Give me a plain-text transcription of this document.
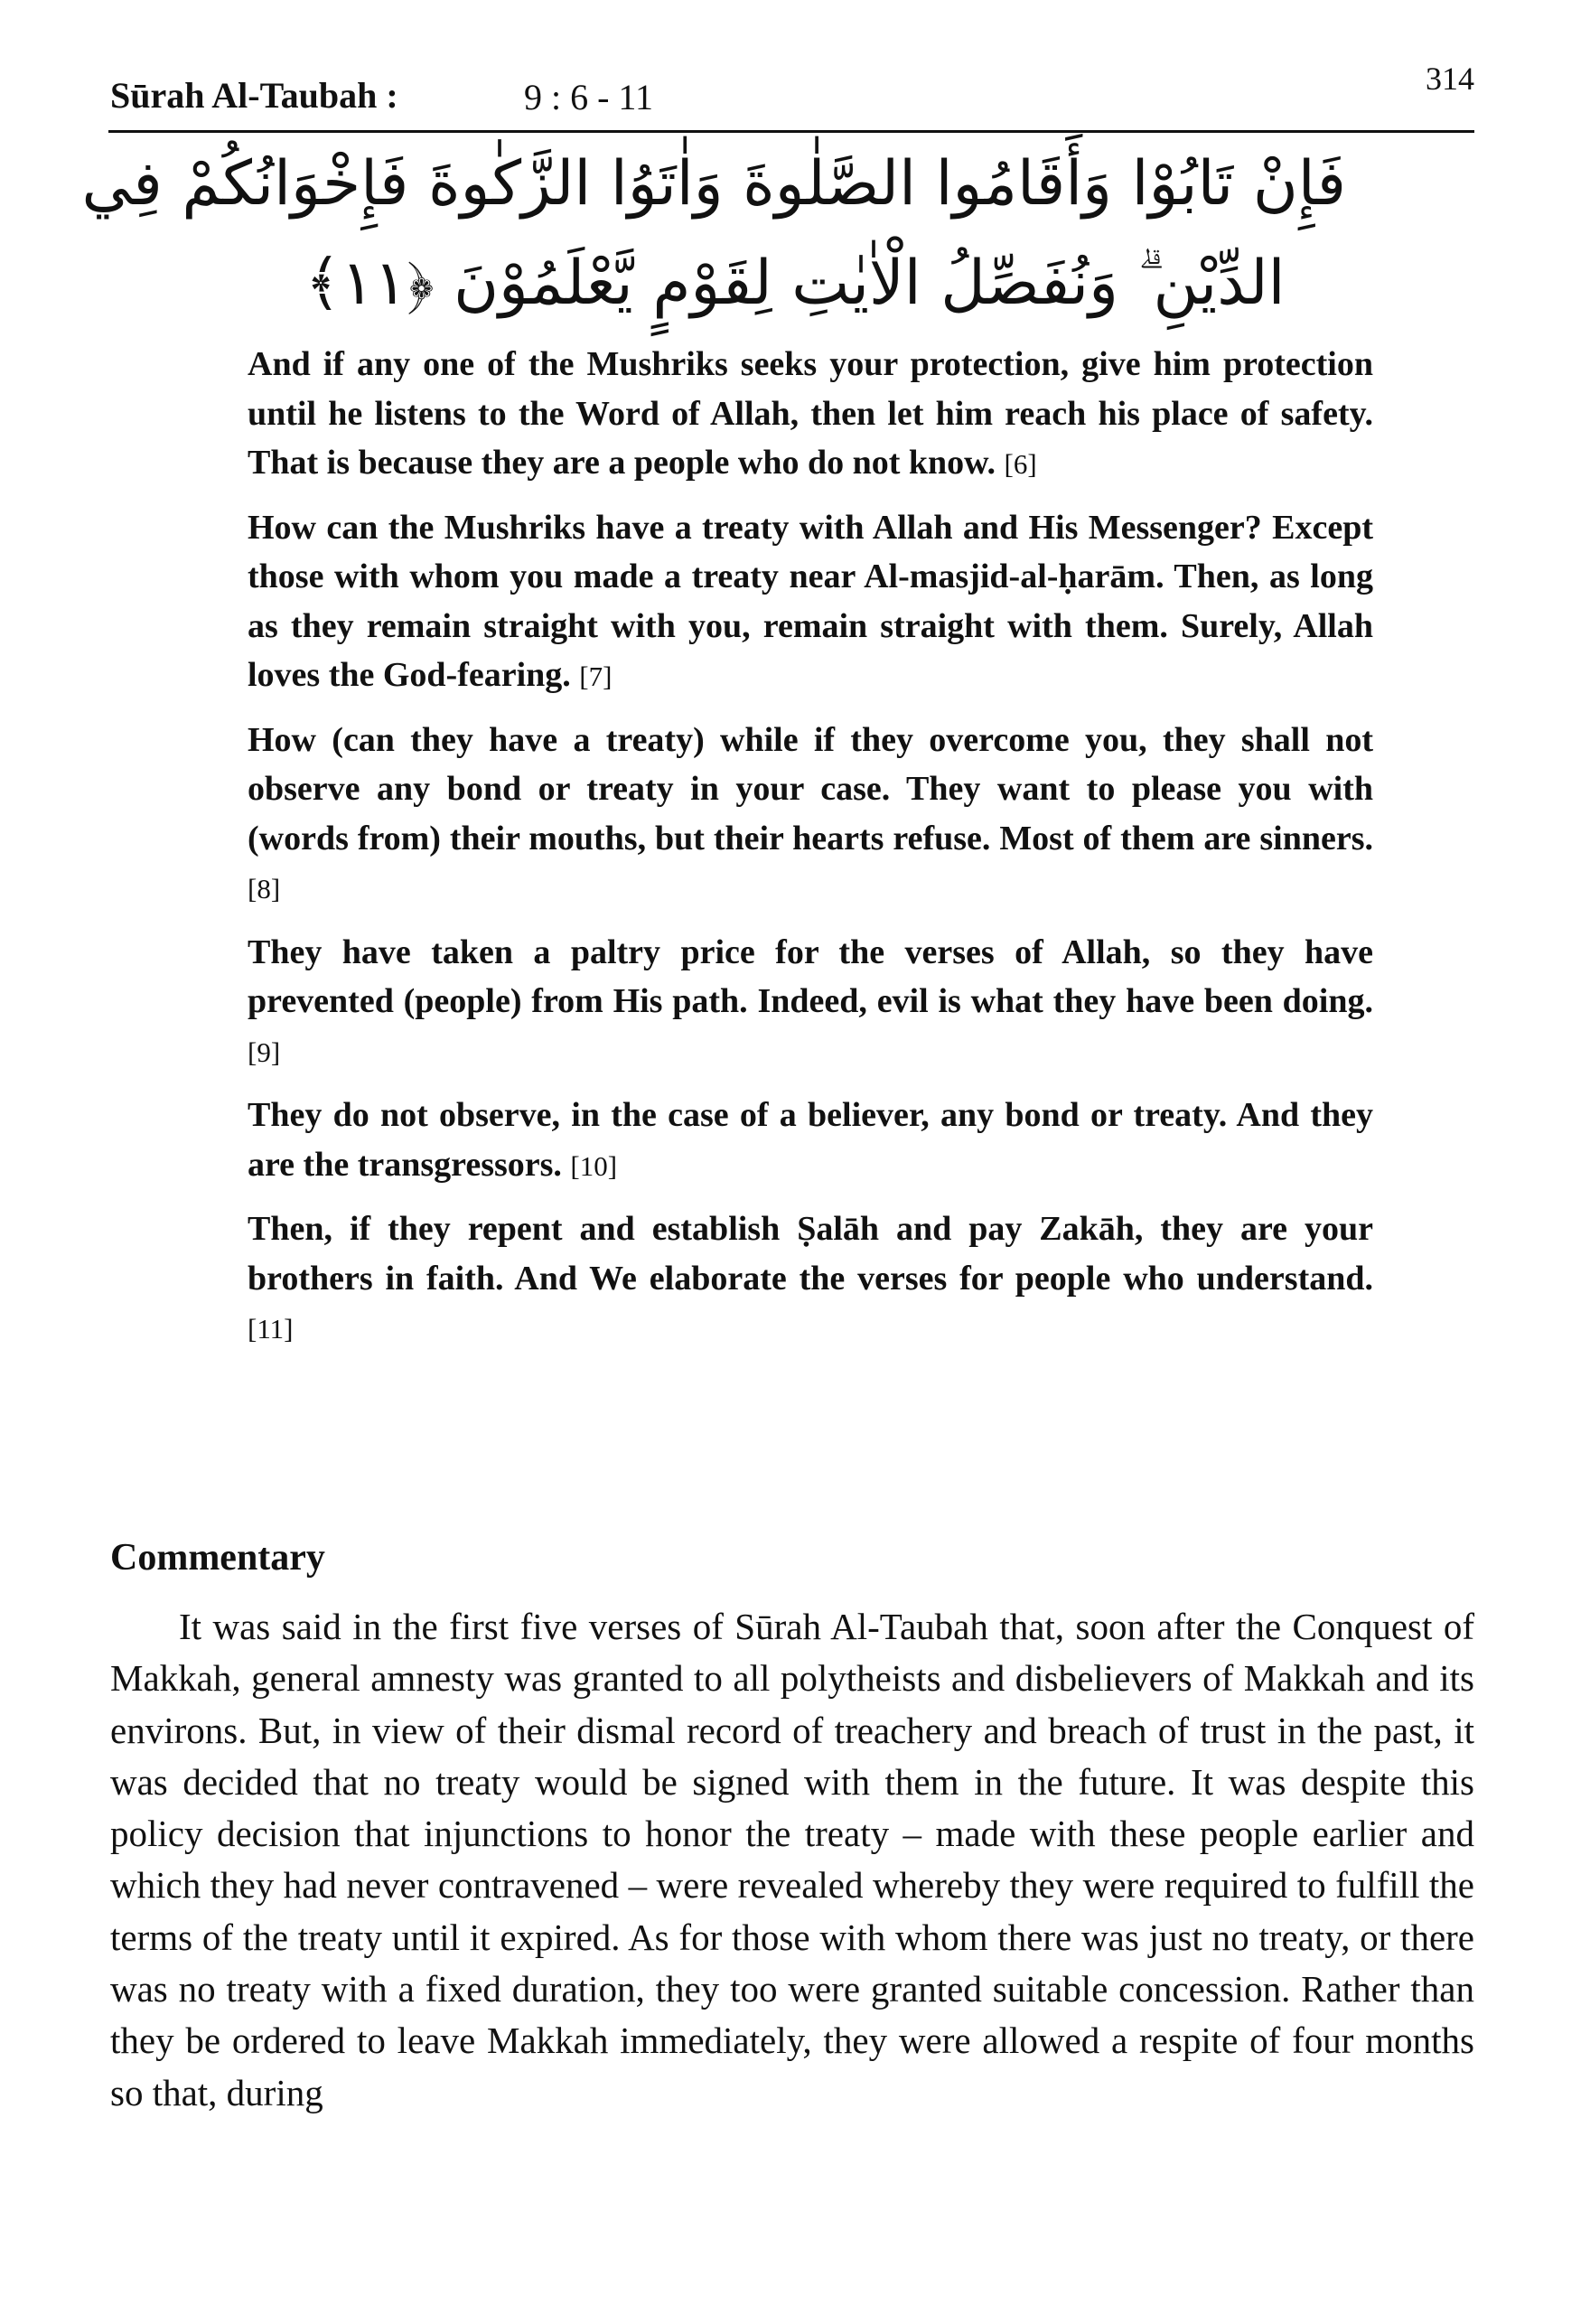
Sūrah Al-Taubah :	9 : 6 - 11	314
فَإِنْ تَابُوْا وَأَقَامُوا الصَّلٰوةَ وَاٰتَوُا الزَّكٰوةَ فَإِخْوَانُكُمْ فِي
الدِّيْنِ ۗ وَنُفَصِّلُ الْاٰيٰتِ لِقَوْمٍ يَّعْلَمُوْنَ ﴿١١﴾

And if any one of the Mushriks seeks your protection, give him protection until he listens to the Word of Allah, then let him reach his place of safety. That is because they are a people who do not know. [6]

How can the Mushriks have a treaty with Allah and His Messenger? Except those with whom you made a treaty near Al-masjid-al-ḥarām. Then, as long as they remain straight with you, remain straight with them. Surely, Allah loves the God-fearing. [7]

How (can they have a treaty) while if they overcome you, they shall not observe any bond or treaty in your case. They want to please you with (words from) their mouths, but their hearts refuse. Most of them are sinners. [8]

They have taken a paltry price for the verses of Allah, so they have prevented (people) from His path. Indeed, evil is what they have been doing. [9]

They do not observe, in the case of a believer, any bond or treaty. And they are the transgressors. [10]

Then, if they repent and establish Ṣalāh and pay Zakāh, they are your brothers in faith. And We elaborate the verses for people who understand. [11]

Commentary

It was said in the first five verses of Sūrah Al-Taubah that, soon after the Conquest of Makkah, general amnesty was granted to all polytheists and disbelievers of Makkah and its environs. But, in view of their dismal record of treachery and breach of trust in the past, it was decided that no treaty would be signed with them in the future. It was despite this policy decision that injunctions to honor the treaty – made with these people earlier and which they had never contravened – were revealed whereby they were required to fulfill the terms of the treaty until it expired. As for those with whom there was just no treaty, or there was no treaty with a fixed duration, they too were granted suitable concession. Rather than they be ordered to leave Makkah immediately, they were allowed a respite of four months so that, during
